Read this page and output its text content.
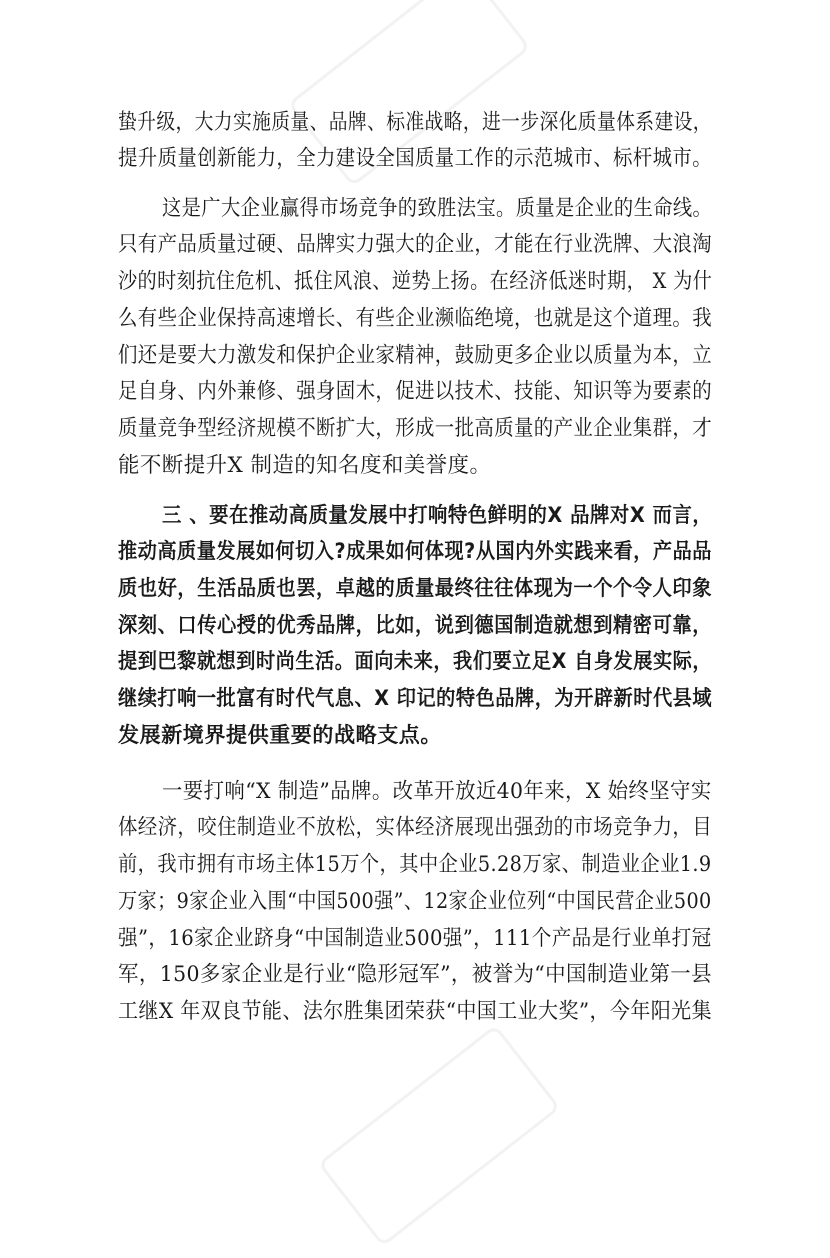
蛰升级，大力实施质量、品牌、标准战略，进一步深化质量体系建设，
提升质量创新能力，全力建设全国质量工作的示范城市、标杆城市。
这是广大企业赢得市场竞争的致胜法宝。质量是企业的生命线。
只有产品质量过硬、品牌实力强大的企业，才能在行业洗牌、大浪淘
沙的时刻抗住危机、抵住风浪、逆势上扬。在经济低迷时期， X 为什
么有些企业保持高速增长、有些企业濒临绝境，也就是这个道理。我
们还是要大力激发和保护企业家精神，鼓励更多企业以质量为本，立
足自身、内外兼修、强身固木，促进以技术、技能、知识等为要素的
质量竞争型经济规模不断扩大，形成一批高质量的产业企业集群，才
能不断提升X 制造的知名度和美誉度。
三 、要在推动高质量发展中打响特色鲜明的X 品牌对X 而言，
推动高质量发展如何切入?成果如何体现?从国内外实践来看，产品品
质也好，生活品质也罢，卓越的质量最终往往体现为一个个令人印象
深刻、口传心授的优秀品牌，比如，说到德国制造就想到精密可靠，
提到巴黎就想到时尚生活。面向未来，我们要立足X 自身发展实际，
继续打响一批富有时代气息、X 印记的特色品牌，为开辟新时代县域
发展新境界提供重要的战略支点。
一要打响“X 制造”品牌。改革开放近40年来，X 始终坚守实
体经济，咬住制造业不放松，实体经济展现出强劲的市场竞争力，目
前，我市拥有市场主体15万个，其中企业5.28万家、制造业企业1.9
万家；9家企业入围“中国500强”、12家企业位列“中国民营企业500
强”，16家企业跻身“中国制造业500强”，111个产品是行业单打冠
军，150多家企业是行业“隐形冠军”，被誉为“中国制造业第一县
工继X 年双良节能、法尔胜集团荣获“中国工业大奖”，今年阳光集
